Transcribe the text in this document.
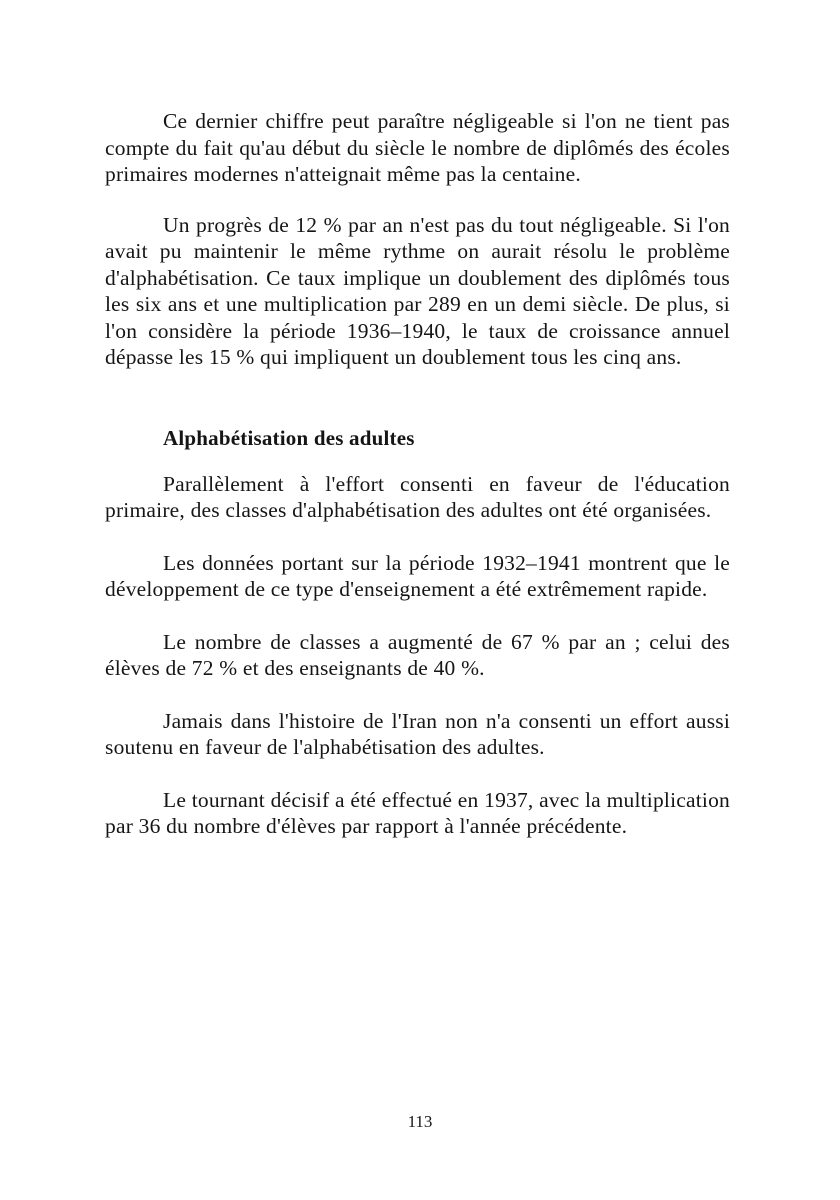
Ce dernier chiffre peut paraître négligeable si l'on ne tient pas compte du fait qu'au début du siècle le nombre de diplômés des écoles primaires modernes n'atteignait même pas la centaine.

Un progrès de 12 % par an n'est pas du tout négligeable. Si l'on avait pu maintenir le même rythme on aurait résolu le problème d'alphabétisation. Ce taux implique un doublement des diplômés tous les six ans et une multiplication par 289 en un demi siècle. De plus, si l'on considère la période 1936–1940, le taux de croissance annuel dépasse les 15 % qui impliquent un doublement tous les cinq ans.

Alphabétisation des adultes

Parallèlement à l'effort consenti en faveur de l'éducation primaire, des classes d'alphabétisation des adultes ont été organisées.

Les données portant sur la période 1932–1941 montrent que le développement de ce type d'enseignement a été extrêmement rapide.

Le nombre de classes a augmenté de 67 % par an ; celui des élèves de 72 % et des enseignants de 40 %.

Jamais dans l'histoire de l'Iran non n'a consenti un effort aussi soutenu en faveur de l'alphabétisation des adultes.

Le tournant décisif a été effectué en 1937, avec la multiplication par 36 du nombre d'élèves par rapport à l'année précédente.

113
